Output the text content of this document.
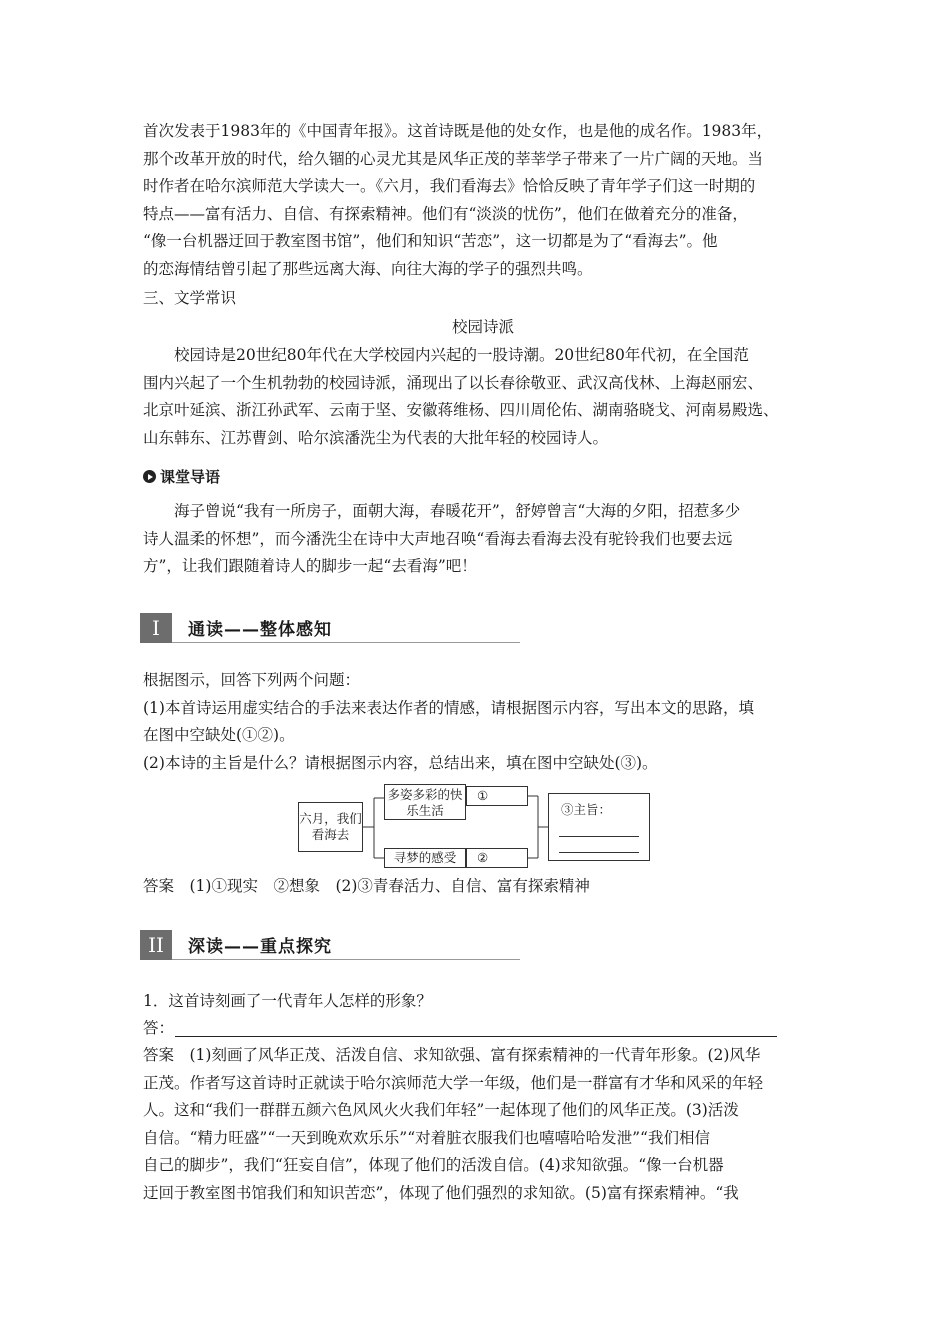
首次发表于1983年的《中国青年报》。这首诗既是他的处女作，也是他的成名作。1983年，
那个改革开放的时代，给久锢的心灵尤其是风华正茂的莘莘学子带来了一片广阔的天地。当
时作者在哈尔滨师范大学读大一。《六月，我们看海去》恰恰反映了青年学子们这一时期的
特点——富有活力、自信、有探索精神。他们有“淡淡的忧伤”，他们在做着充分的准备，
“像一台机器迂回于教室图书馆”，他们和知识“苦恋”，这一切都是为了“看海去”。他
的恋海情结曾引起了那些远离大海、向往大海的学子的强烈共鸣。
三、文学常识
校园诗派
校园诗是20世纪80年代在大学校园内兴起的一股诗潮。20世纪80年代初，在全国范
围内兴起了一个生机勃勃的校园诗派，涌现出了以长春徐敬亚、武汉高伐林、上海赵丽宏、
北京叶延滨、浙江孙武军、云南于坚、安徽蒋维杨、四川周伦佑、湖南骆晓戈、河南易殿选、
山东韩东、江苏曹剑、哈尔滨潘洗尘为代表的大批年轻的校园诗人。
课堂导语
海子曾说“我有一所房子，面朝大海，春暖花开”，舒婷曾言“大海的夕阳，招惹多少
诗人温柔的怀想”，而今潘洗尘在诗中大声地召唤“看海去看海去没有驼铃我们也要去远
方”，让我们跟随着诗人的脚步一起“去看海”吧！
I	通读——整体感知
根据图示，回答下列两个问题：
(1)本首诗运用虚实结合的手法来表达作者的情感，请根据图示内容，写出本文的思路，填
在图中空缺处(①②)。
(2)本诗的主旨是什么？请根据图示内容，总结出来，填在图中空缺处(③)。
六月，我们看海去
多姿多彩的快乐生活
①
寻梦的感受	②
③主旨：
答案　(1)①现实　②想象　(2)③青春活力、自信、富有探索精神
II	深读——重点探究
1．这首诗刻画了一代青年人怎样的形象？
答：
答案　(1)刻画了风华正茂、活泼自信、求知欲强、富有探索精神的一代青年形象。(2)风华
正茂。作者写这首诗时正就读于哈尔滨师范大学一年级，他们是一群富有才华和风采的年轻
人。这和“我们一群群五颜六色风风火火我们年轻”一起体现了他们的风华正茂。(3)活泼
自信。“精力旺盛”“一天到晚欢欢乐乐”“对着脏衣服我们也嘻嘻哈哈发泄”“我们相信
自己的脚步”，我们“狂妄自信”，体现了他们的活泼自信。(4)求知欲强。“像一台机器
迂回于教室图书馆我们和知识苦恋”，体现了他们强烈的求知欲。(5)富有探索精神。“我
